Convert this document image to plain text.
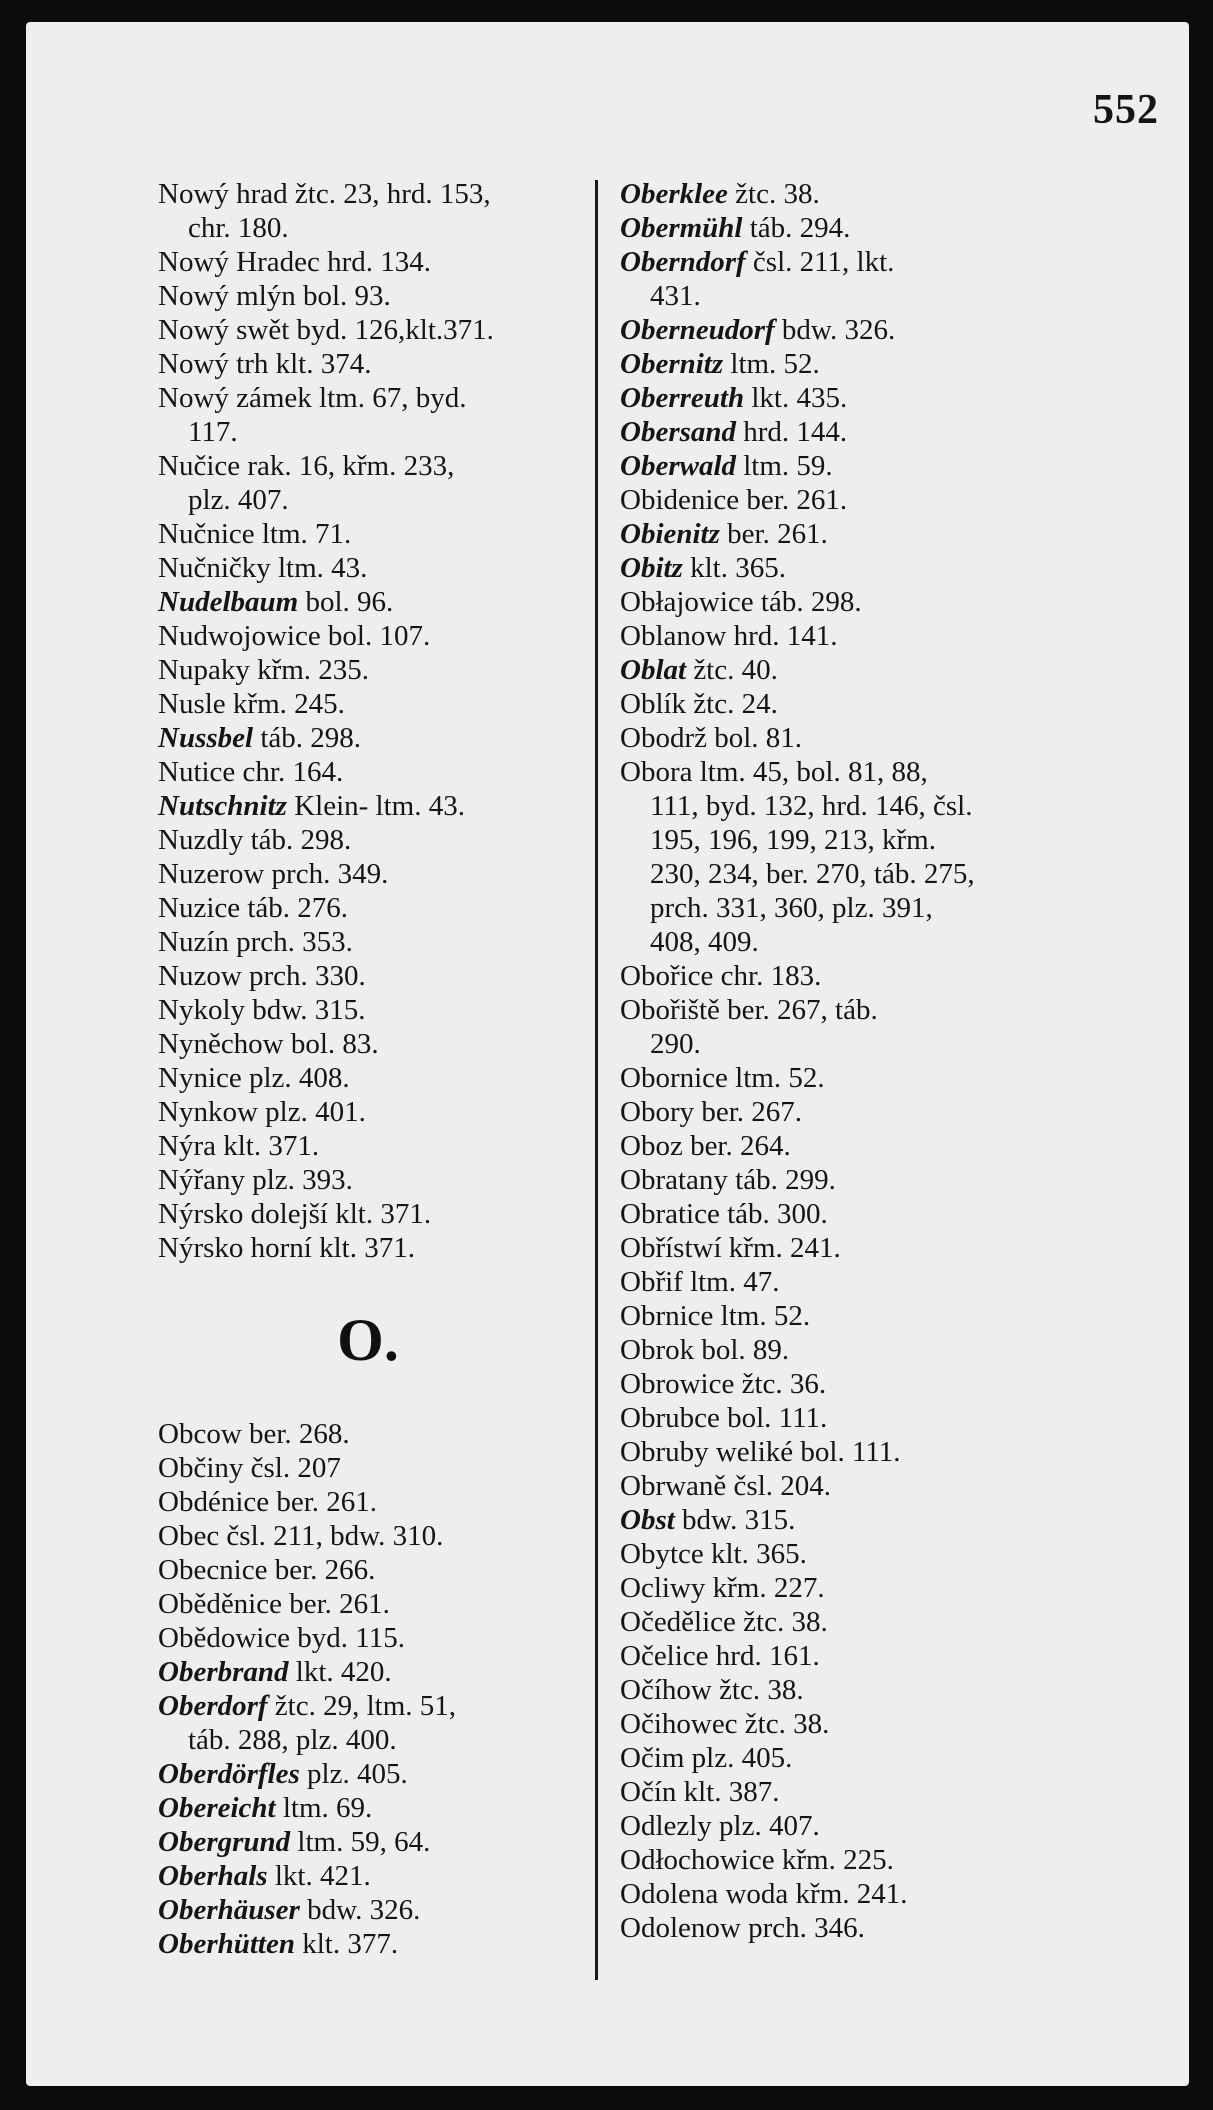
552
Nowý hrad žtc. 23, hrd. 153,
chr. 180.
Nowý Hradec hrd. 134.
Nowý mlýn bol. 93.
Nowý swět byd. 126,klt.371.
Nowý trh klt. 374.
Nowý zámek ltm. 67, byd.
117.
Nučice rak. 16, křm. 233,
plz. 407.
Nučnice ltm. 71.
Nučničky ltm. 43.
Nudelbaum bol. 96.
Nudwojowice bol. 107.
Nupaky křm. 235.
Nusle křm. 245.
Nussbel táb. 298.
Nutice chr. 164.
Nutschnitz Klein- ltm. 43.
Nuzdly táb. 298.
Nuzerow prch. 349.
Nuzice táb. 276.
Nuzín prch. 353.
Nuzow prch. 330.
Nykoly bdw. 315.
Nyněchow bol. 83.
Nynice plz. 408.
Nynkow plz. 401.
Nýra klt. 371.
Nýřany plz. 393.
Nýrsko dolejší klt. 371.
Nýrsko horní klt. 371.
O.
Obcow ber. 268.
Občiny čsl. 207
Obdénice ber. 261.
Obec čsl. 211, bdw. 310.
Obecnice ber. 266.
Oběděnice ber. 261.
Obědowice byd. 115.
Oberbrand lkt. 420.
Oberdorf žtc. 29, ltm. 51,
táb. 288, plz. 400.
Oberdörfles plz. 405.
Obereicht ltm. 69.
Obergrund ltm. 59, 64.
Oberhals lkt. 421.
Oberhäuser bdw. 326.
Oberhütten klt. 377.
Oberklee žtc. 38.
Obermühl táb. 294.
Oberndorf čsl. 211, lkt.
431.
Oberneudorf bdw. 326.
Obernitz ltm. 52.
Oberreuth lkt. 435.
Obersand hrd. 144.
Oberwald ltm. 59.
Obidenice ber. 261.
Obienitz ber. 261.
Obitz klt. 365.
Obłajowice táb. 298.
Oblanow hrd. 141.
Oblat žtc. 40.
Oblík žtc. 24.
Obodrž bol. 81.
Obora ltm. 45, bol. 81, 88,
111, byd. 132, hrd. 146, čsl.
195, 196, 199, 213, křm.
230, 234, ber. 270, táb. 275,
prch. 331, 360, plz. 391,
408, 409.
Obořice chr. 183.
Obořiště ber. 267, táb.
290.
Obornice ltm. 52.
Obory ber. 267.
Oboz ber. 264.
Obratany táb. 299.
Obratice táb. 300.
Obřístwí křm. 241.
Obřif ltm. 47.
Obrnice ltm. 52.
Obrok bol. 89.
Obrowice žtc. 36.
Obrubce bol. 111.
Obruby weliké bol. 111.
Obrwaně čsl. 204.
Obst bdw. 315.
Obytce klt. 365.
Ocliwy křm. 227.
Očedělice žtc. 38.
Očelice hrd. 161.
Očíhow žtc. 38.
Očihowec žtc. 38.
Očim plz. 405.
Očín klt. 387.
Odlezly plz. 407.
Odłochowice křm. 225.
Odolena woda křm. 241.
Odolenow prch. 346.
